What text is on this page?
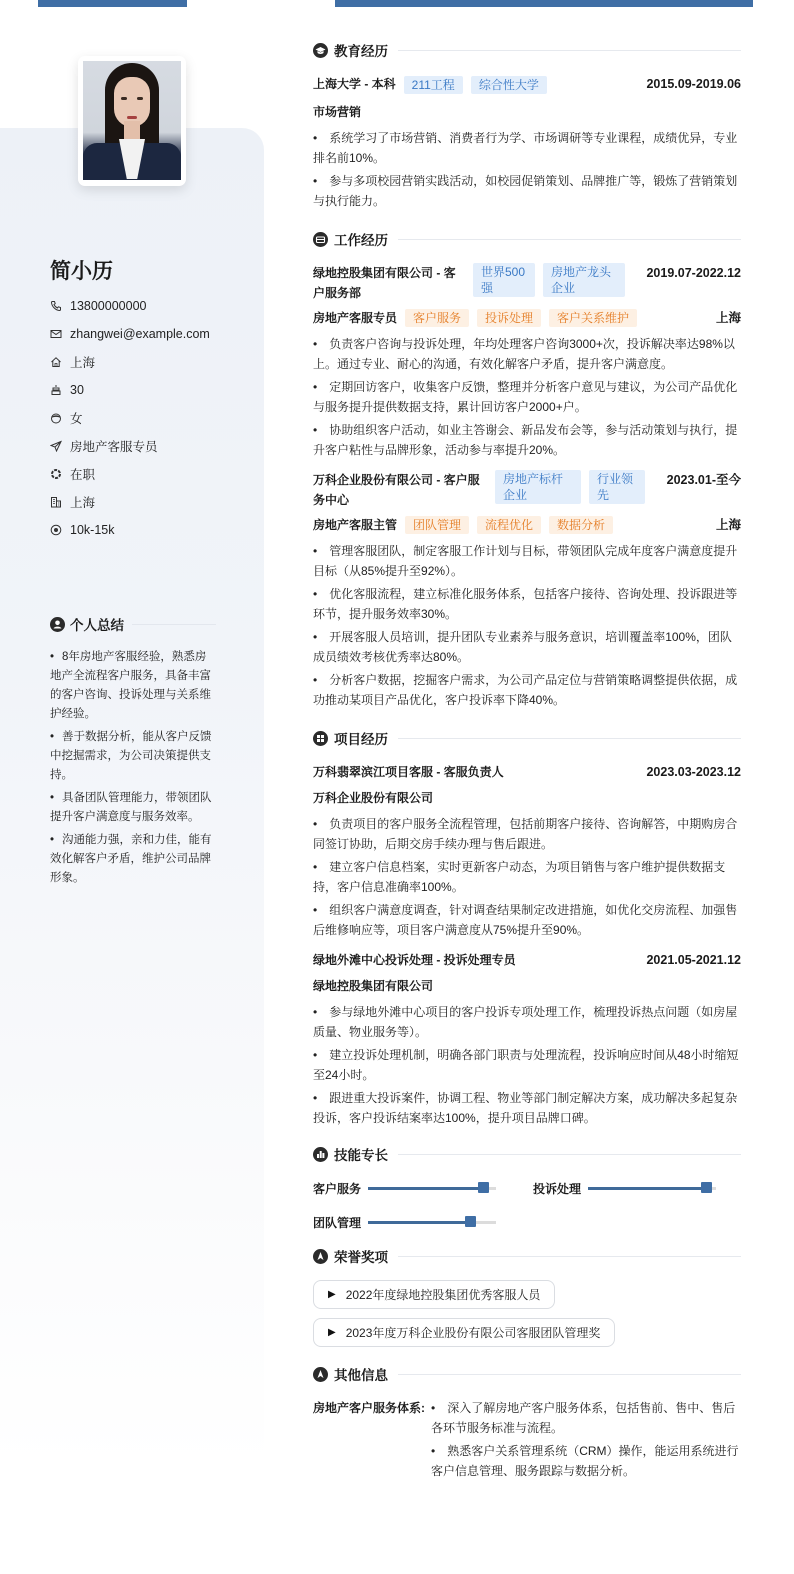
简小历
13800000000
zhangwei@example.com
上海
30
女
房地产客服专员
在职
上海
10k-15k
个人总结
• 8年房地产客服经验，熟悉房地产全流程客户服务，具备丰富的客户咨询、投诉处理与关系维护经验。
• 善于数据分析，能从客户反馈中挖掘需求，为公司决策提供支持。
• 具备团队管理能力，带领团队提升客户满意度与服务效率。
• 沟通能力强，亲和力佳，能有效化解客户矛盾，维护公司品牌形象。
教育经历
上海大学 - 本科	211工程	综合性大学	2015.09-2019.06
市场营销
• 系统学习了市场营销、消费者行为学、市场调研等专业课程，成绩优异，专业排名前10%。
• 参与多项校园营销实践活动，如校园促销策划、品牌推广等，锻炼了营销策划与执行能力。
工作经历
绿地控股集团有限公司 - 客户服务部
世界500强
房地产龙头企业
2019.07-2022.12
房地产客服专员	客户服务	投诉处理	客户关系维护	上海
• 负责客户咨询与投诉处理，年均处理客户咨询3000+次，投诉解决率达98%以上。通过专业、耐心的沟通，有效化解客户矛盾，提升客户满意度。
• 定期回访客户，收集客户反馈，整理并分析客户意见与建议，为公司产品优化与服务提升提供数据支持，累计回访客户2000+户。
• 协助组织客户活动，如业主答谢会、新品发布会等，参与活动策划与执行，提升客户粘性与品牌形象，活动参与率提升20%。
万科企业股份有限公司 - 客户服务中心
房地产标杆企业
行业领先
2023.01-至今
房地产客服主管	团队管理	流程优化	数据分析	上海
• 管理客服团队，制定客服工作计划与目标，带领团队完成年度客户满意度提升目标（从85%提升至92%）。
• 优化客服流程，建立标准化服务体系，包括客户接待、咨询处理、投诉跟进等环节，提升服务效率30%。
• 开展客服人员培训，提升团队专业素养与服务意识，培训覆盖率100%，团队成员绩效考核优秀率达80%。
• 分析客户数据，挖掘客户需求，为公司产品定位与营销策略调整提供依据，成功推动某项目产品优化，客户投诉率下降40%。
项目经历
万科翡翠滨江项目客服 - 客服负责人	2023.03-2023.12
万科企业股份有限公司
• 负责项目的客户服务全流程管理，包括前期客户接待、咨询解答，中期购房合同签订协助，后期交房手续办理与售后跟进。
• 建立客户信息档案，实时更新客户动态，为项目销售与客户维护提供数据支持，客户信息准确率100%。
• 组织客户满意度调查，针对调查结果制定改进措施，如优化交房流程、加强售后维修响应等，项目客户满意度从75%提升至90%。
绿地外滩中心投诉处理 - 投诉处理专员	2021.05-2021.12
绿地控股集团有限公司
• 参与绿地外滩中心项目的客户投诉专项处理工作，梳理投诉热点问题（如房屋质量、物业服务等）。
• 建立投诉处理机制，明确各部门职责与处理流程，投诉响应时间从48小时缩短至24小时。
• 跟进重大投诉案件，协调工程、物业等部门制定解决方案，成功解决多起复杂投诉，客户投诉结案率达100%，提升项目品牌口碑。
技能专长
客户服务	投诉处理
团队管理
荣誉奖项
▶ 2022年度绿地控股集团优秀客服人员
▶ 2023年度万科企业股份有限公司客服团队管理奖
其他信息
房地产客户服务体系: • 深入了解房地产客户服务体系，包括售前、售中、售后各环节服务标准与流程。
• 熟悉客户关系管理系统（CRM）操作，能运用系统进行客户信息管理、服务跟踪与数据分析。
